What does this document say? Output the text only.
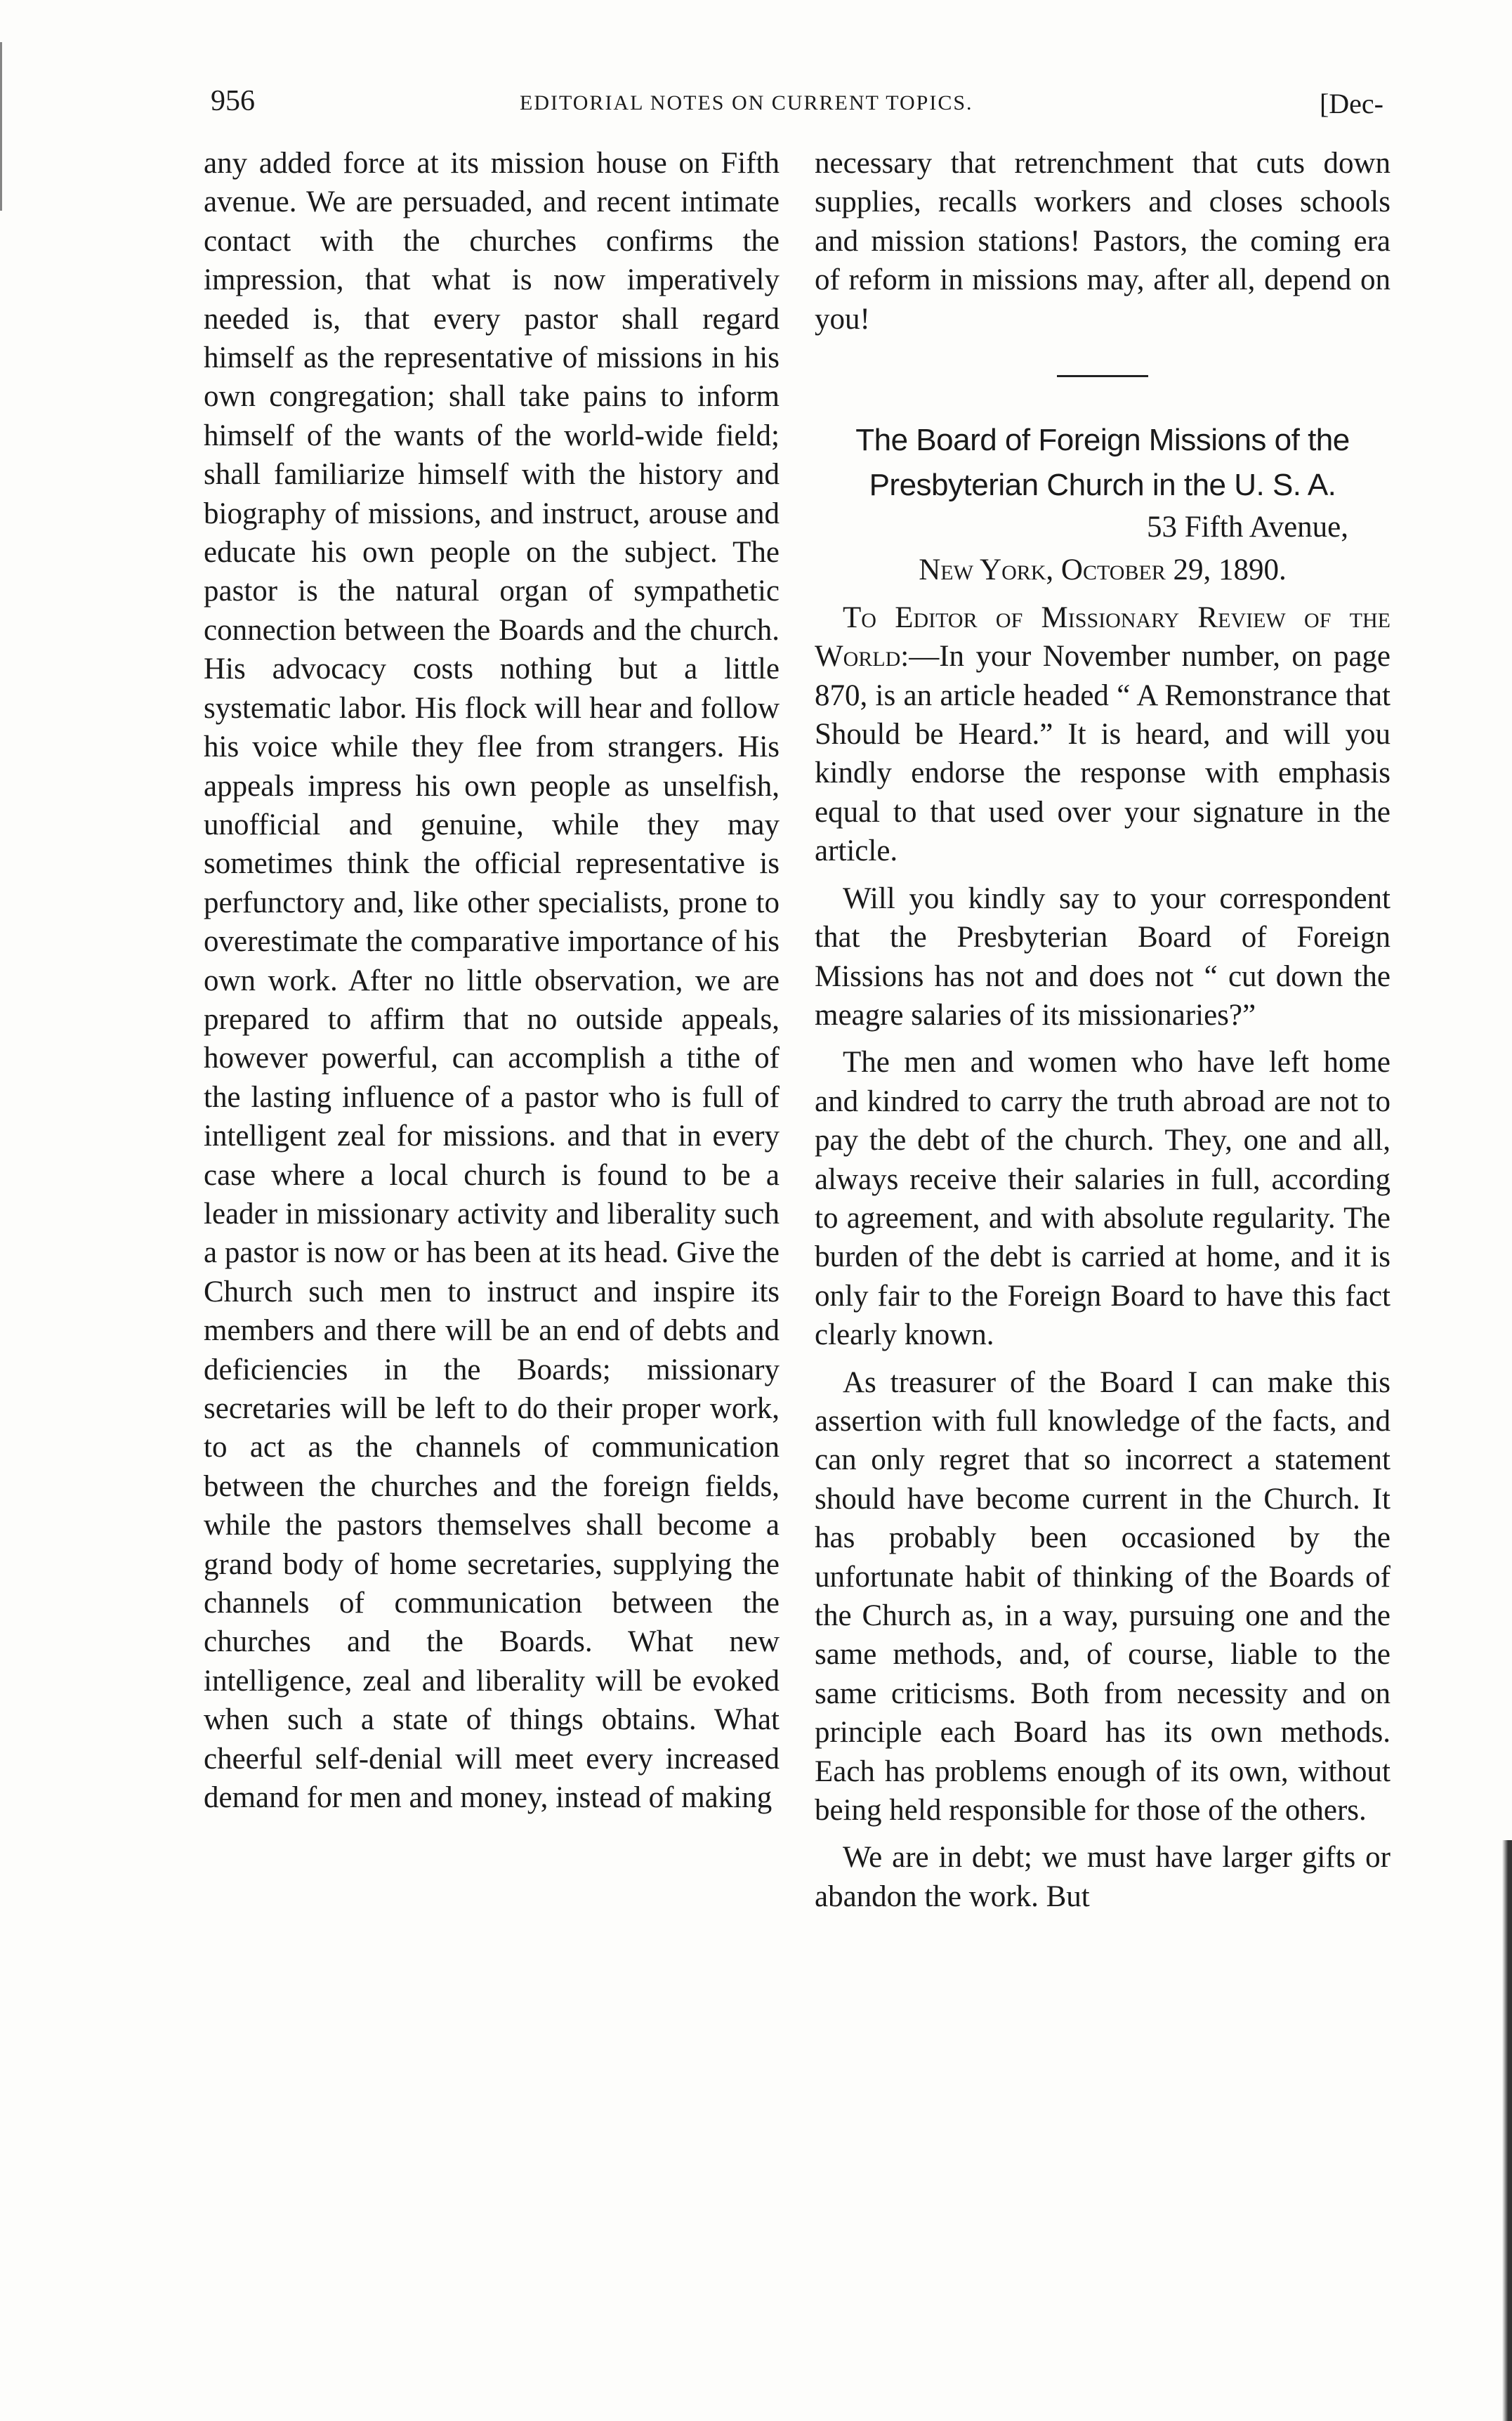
956	EDITORIAL NOTES ON CURRENT TOPICS.	[Dec-

any added force at its mission house on Fifth avenue. We are persuaded, and recent intimate contact with the churches confirms the impression, that what is now imperatively needed is, that every pastor shall regard himself as the representative of missions in his own congregation; shall take pains to inform himself of the wants of the world-wide field; shall familiarize himself with the history and biography of missions, and instruct, arouse and educate his own people on the subject. The pastor is the natural organ of sympathetic connection between the Boards and the church. His advocacy costs nothing but a little systematic labor. His flock will hear and follow his voice while they flee from strangers. His appeals impress his own people as unselfish, unofficial and genuine, while they may sometimes think the official representative is perfunctory and, like other specialists, prone to overestimate the comparative importance of his own work. After no little observation, we are prepared to affirm that no outside appeals, however powerful, can accomplish a tithe of the lasting influence of a pastor who is full of intelligent zeal for missions. and that in every case where a local church is found to be a leader in missionary activity and liberality such a pastor is now or has been at its head. Give the Church such men to instruct and inspire its members and there will be an end of debts and deficiencies in the Boards; missionary secretaries will be left to do their proper work, to act as the channels of communication between the churches and the foreign fields, while the pastors themselves shall become a grand body of home secretaries, supplying the channels of communication between the churches and the Boards. What new intelligence, zeal and liberality will be evoked when such a state of things obtains. What cheerful self-denial will meet every increased demand for men and money, instead of making

necessary that retrenchment that cuts down supplies, recalls workers and closes schools and mission stations! Pastors, the coming era of reform in missions may, after all, depend on you!

The Board of Foreign Missions of the
Presbyterian Church in the U. S. A.
53 Fifth Avenue,
New York, October 29, 1890.

To Editor of Missionary Review of the World:—In your November number, on page 870, is an article headed “ A Remonstrance that Should be Heard.” It is heard, and will you kindly endorse the response with emphasis equal to that used over your signature in the article.

Will you kindly say to your correspondent that the Presbyterian Board of Foreign Missions has not and does not “ cut down the meagre salaries of its missionaries?”

The men and women who have left home and kindred to carry the truth abroad are not to pay the debt of the church. They, one and all, always receive their salaries in full, according to agreement, and with absolute regularity. The burden of the debt is carried at home, and it is only fair to the Foreign Board to have this fact clearly known.

As treasurer of the Board I can make this assertion with full knowledge of the facts, and can only regret that so incorrect a statement should have become current in the Church. It has probably been occasioned by the unfortunate habit of thinking of the Boards of the Church as, in a way, pursuing one and the same methods, and, of course, liable to the same criticisms. Both from necessity and on principle each Board has its own methods. Each has problems enough of its own, without being held responsible for those of the others.

We are in debt; we must have larger gifts or abandon the work. But
